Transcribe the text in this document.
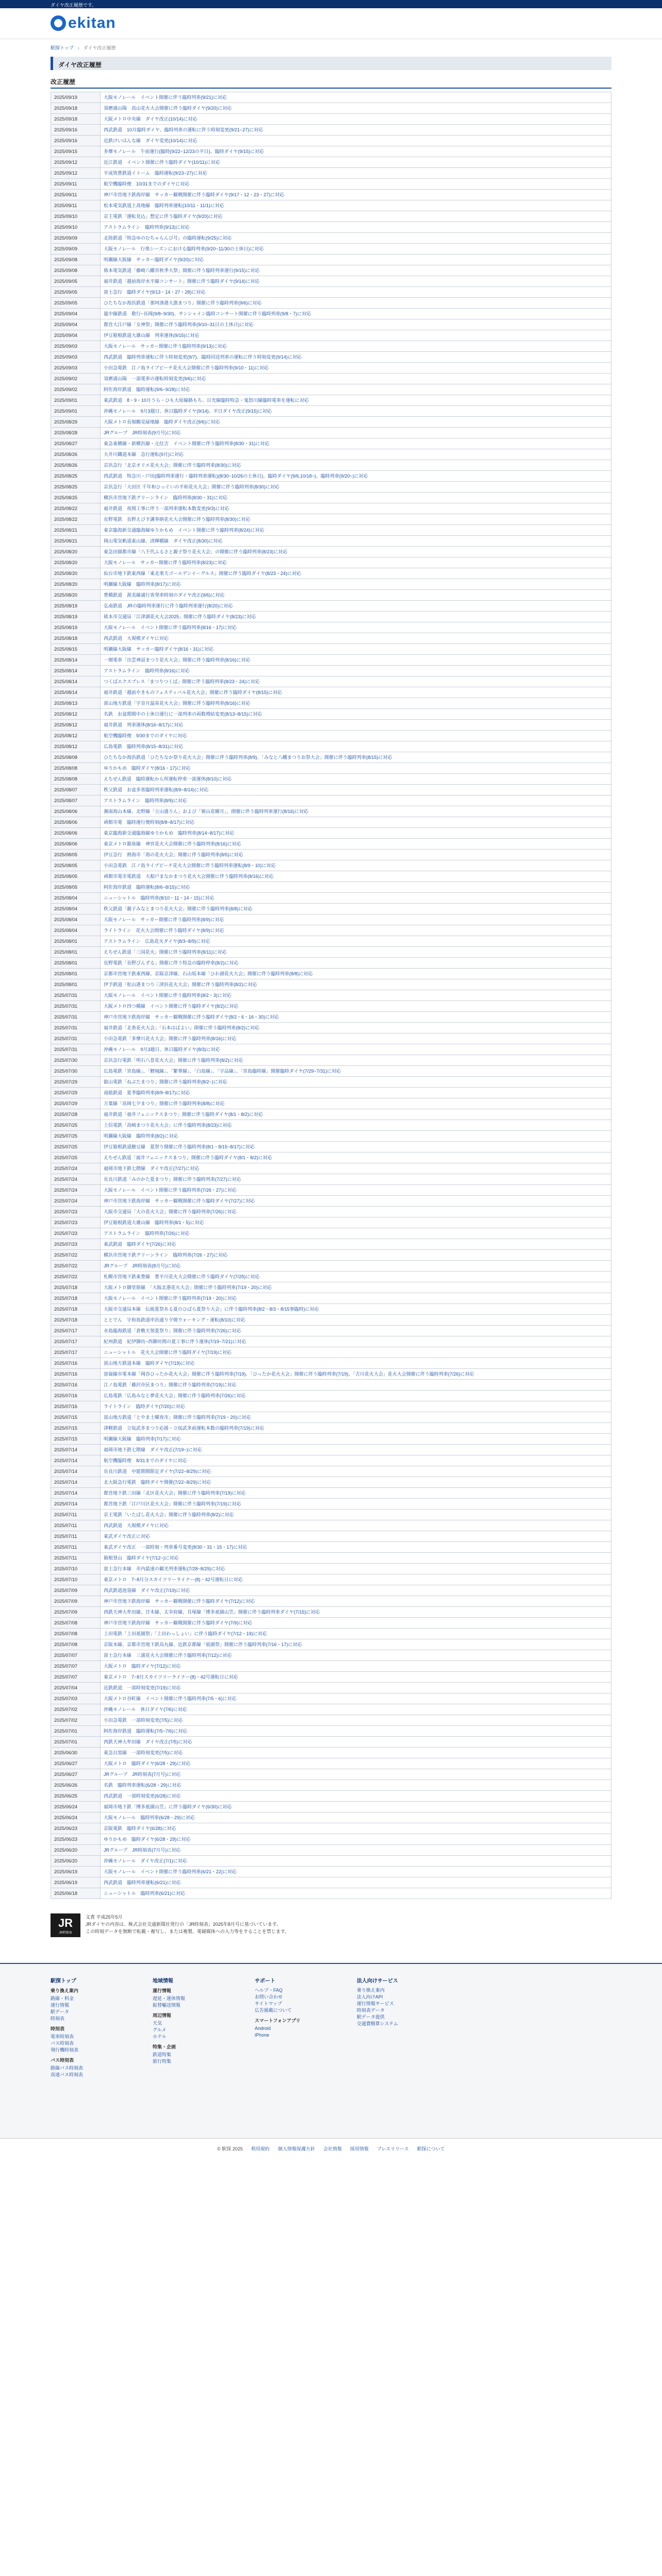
ダイヤ改正履歴です。
ekitan
駅探トップ › ダイヤ改正履歴
ダイヤ改正履歴
改正履歴
2025/09/19	大阪モノレール　イベント開催に伴う臨時列車(9/21)に対応
2025/09/18	須磨浦山陽　高山花火大会開催に伴う臨時ダイヤ(9/20)に対応
2025/09/18	大阪メトロ中央線　ダイヤ改正(10/14)に対応
2025/09/16	西武鉄道　10月臨時ダイヤ、臨時列車の運転に伴う時刻変更(9/21~27)に対応
2025/09/16	近鉄けいはんな線　ダイヤ変更(10/14)に対応
2025/09/15	多摩モノレール　午前運行(臨時(9/22~12/23の平日)、臨時ダイヤ(9/15)に対応
2025/09/12	近江鉄道　イベント開催に伴う臨時ダイヤ(10/11)に対応
2025/09/12	平成筑豊鉄道イトーム　臨時運転(9/23~27)に対応
2025/09/11	航空機臨時便　10/31までのダイヤに対応
2025/09/11	神戸市営地下鉄海岸線　サッカー観戦開催に伴う臨時ダイヤ(9/17・12・23・27)に対応
2025/09/11	松本電気鉄道上高地線　臨時列車運転(10/11・11/1)に対応
2025/09/10	京王電鉄「運転見込」想定に伴う臨時ダイヤ(9/20)に対応
2025/09/10	アストラムライン　臨時列車(9/13)に対応
2025/09/09	北陸鉄道「特急ゆのむちゃらんび号」の臨時運転(9/25)に対応
2025/09/09	大阪モノレール　行楽シーズンにおける臨時列車(9/20~11/30の土休日)に対応
2025/09/08	明瀬線大阪線　サッカー臨時ダイヤ(9/20)に対応
2025/09/08	熊本電気鉄道「藤崎八幡宮秋季大祭」開催に伴う臨時列車運行(9/15)に対応
2025/09/05	福井鉄道「越前海岸水平線コンサート」開催に伴う臨時ダイヤ(9/14)に対応
2025/09/05	富士急行　臨時ダイヤ(9/13・14・27・28)に対応
2025/09/05	ひたちなか海浜鉄道「那珂湊港大漁まつり」開催に伴う臨時列車(9/6)に対応
2025/09/04	嵐中線鉄道　歌行~長岡(9/8~9/30)、サンシャイン臨時コンサート開催に伴う臨時列車(9/8・7)に対応
2025/09/04	都営大江戸線「女神祭」開催に伴う臨時列車(9/10~31日の土休日)に対応
2025/09/04	伊豆箱根鉄道大雄山線　列車運休(9/15)に対応
2025/09/03	大阪モノレール　サッカー開催に伴う臨時列車(9/13)に対応
2025/09/03	西武鉄道　臨時列車運転に伴う時刻変更(9/7)、臨時回送列車の運転に伴う時刻変更(9/14)に対応
2025/09/03	小田急電鉄　江ノ島ライブビーチ花火大会開催に伴う臨時列車(9/10・11)に対応
2025/09/02	須磨浦山陽　一部電車の運転時刻変更(9/6)に対応
2025/09/02	阿佐海岸鉄道　臨時運転(9/6~9/28)に対応
2025/09/01	東武鉄道　8・9・10月うら・ひも大原線路もち、日光線臨時特急・鬼怒川線臨時電車を運転に対応
2025/09/01	沖縄モノレール　9月3週日、休日臨時ダイヤ(9/14)、平日ダイヤ改正(9/15)に対応
2025/08/29	大阪メトロ長堀鶴見緑地線　臨時ダイヤ改正(9/6)に対応
2025/08/28	JRグループ　JR時刻表(9月号)に対応
2025/08/27	東急東横線・新横浜線・元住吉　イベント開催に伴う臨時列車(8/30・31)に対応
2025/08/26	大井川鐵道本線　急行運転(9月)に対応
2025/08/26	京浜急行「北京オリエ花火大会」開催に伴う臨時列車(8/30)に対応
2025/08/25	西武鉄道　特急川・戸田(臨時列車運行・臨時列車運転)(8/30~10/26の土休日)、臨時ダイヤ(9/6,10/18~)、臨時列車(9/20~)に対応
2025/08/25	京浜急行「大田区 千年和ひっぐいの平和花火大会」開催に伴う臨時列車(8/30)に対応
2025/08/25	横浜市営地下鉄グリーンライン　臨時列車(8/30・31)に対応
2025/08/22	福井鉄道　夜間工事に伴う一部列車運転本数変更(9/3)に対応
2025/08/22	長野電鉄　長野えびす講奉納花火大会開催に伴う臨時列車(8/30)に対応
2025/08/21	東京臨海新交通臨海線ゆりかもめ　イベント開催に伴う臨時列車(8/24)に対応
2025/08/21	岡山電気軌道東山線、清輝橋線　ダイヤ改正(8/30)に対応
2025/08/20	東急田園都市線「八千代ふるさと親子祭り花火大会」の開催に伴う臨時列車(8/23)に対応
2025/08/20	大阪モノレール　サッカー開催に伴う臨時列車(8/23)に対応
2025/08/20	仙台市地下鉄東西線「東北楽天ゴールデンイーグルス」開催に伴う臨時ダイヤ(8/23・24)に対応
2025/08/20	明瀬線大阪線　臨時列車(8/17)に対応
2025/08/20	豊橋鉄道　渥美線通行客発車時刻のダイヤ改正(9/6)に対応
2025/08/19	弘南鉄道　JRの臨時列車運行に伴う臨時列車運行(8/20)に対応
2025/08/19	熊本市交通局「江津湖花火大会2025」開催に伴う臨時ダイヤ(8/23)に対応
2025/08/19	大阪モノレール　イベント開催に伴う臨時列車(8/16・17)に対応
2025/08/18	西武鉄道　大規模ダイヤに対応
2025/08/15	明瀬線大阪線　サッカー臨時ダイヤ(8/16・31)に対応
2025/08/14	一畑電車「出雲神話まつり花火大会」開催に伴う臨時列車(8/16)に対応
2025/08/14	アストラムライン　臨時列車(8/16)に対応
2025/08/14	つくばエクスプレス「まつりつくば」開催に伴う臨時列車(8/23・24)に対応
2025/08/14	福井鉄道「越前やきものフェスティバル花火大会」開催に伴う臨時ダイヤ(8/15)に対応
2025/08/13	富山地方鉄道「宇奈月温泉花火大会」開催に伴う臨時列車(8/16)に対応
2025/08/12	名鉄　お盆期間中の土休日運行に一部列車の両数増結変更(8/13~8/15)に対応
2025/08/12	福井鉄道　列車運休(8/16~8/17)に対応
2025/08/12	航空機臨時便　9/30までのダイヤに対応
2025/08/12	広島電鉄　臨時列車(8/15~8/31)に対応
2025/08/08	ひたちなか海浜鉄道「ひたちなか祭り花火大会」開催に伴う臨時列車(8/9)、「みなと八幡まつりお祭大会」開催に伴う臨時列車(8/15)に対応
2025/08/08	ゆりかもめ　臨時ダイヤ(8/16・17)に対応
2025/08/08	えちぜん鉄道　臨時運転から所運転停車一部運休(8/10)に対応
2025/08/07	秩父鉄道　お盆多客臨時列車運転(8/9~8/14)に対応
2025/08/07	アストラムライン　臨時列車(8/9)に対応
2025/08/06	湘南海山本線、北野線「立山盛りん」および「嶺山花曜月」、開催に伴う臨時列車運行(8/16)に対応
2025/08/06	函館市電　臨時運行便時刻(8/8~8/17)に対応
2025/08/06	東京臨海新交通臨海線ゆりかもめ　臨時列車(8/14~8/17)に対応
2025/08/06	東京メトロ銀座線　神宮花火大会開催に伴う臨時列車(8/16)に対応
2025/08/05	伊豆急行　熱海市「海の花火大会」開催に伴う臨時列車(8/5)に対応
2025/08/05	小田急電鉄　江ノ島ライブビーチ花火大会開催に伴う臨時列車運転(8/9・10)に対応
2025/08/05	函館市電市電鉄道　大船戸まなかまつり花火大会開催に伴う臨時列車(8/16)に対応
2025/08/05	阿佐海岸鉄道　臨時運転(8/6~8/15)に対応
2025/08/04	ニューシャトル　臨時列車(8/10・11・14・15)に対応
2025/08/04	秩父鉄道「親子みなとまつり花火大会」開催に伴う臨時列車(8/8)に対応
2025/08/04	大阪モノレール　サッカー開催に伴う臨時列車(8/9)に対応
2025/08/04	ライトライン　花火大会開催に伴う臨時ダイヤ(8/9)に対応
2025/08/01	アストラムライン　広島花火ダイヤ(8/3~8/9)に対応
2025/08/01	えちぜん鉄道「三国花火」開催に伴う臨時列車(8/11)に対応
2025/08/01	長野電鉄「長野びんずる」開催に伴う特急の臨時停車(8/2)に対応
2025/08/01	京都市営地下鉄東西線、京阪京津線、石山坂本線「ひわ湖花火大会」開催に伴う臨時列車(8/8)に対応
2025/08/01	伊予鉄道「松山港まつり三津浜花火大会」開催に伴う臨時列車(8/2)に対応
2025/07/31	大阪モノレール　イベント開催に伴う臨時列車(8/2・3)に対応
2025/07/31	大阪メトロ四つ橋線　イベント開催に伴う臨時ダイヤ(8/2)に対応
2025/07/31	神戸市営地下鉄海岸線　サッカー観戦開催に伴う臨時ダイヤ(8/2・6・16・30)に対応
2025/07/31	福井鉄道「北条花火大会」「石本はばよい」開催に伴う臨時列車(8/2)に対応
2025/07/31	小田急電鉄「多摩川花火大会」開催に伴う臨時列車(8/16)に対応
2025/07/31	沖縄モノレール　9月3週日、休日臨時ダイヤ(8/3)に対応
2025/07/30	京浜急行電鉄「明石八景花火大会」開催に伴う臨時列車(8/2)に対応
2025/07/30	広島電鉄「宮島線」、「鯉城線」、「繁華線」、「白島線」、「宇品線」、「宮島臨時線」開催臨時ダイヤ(7/29~7/31)に対応
2025/07/29	叡山電鉄「ねぶたまつり」開催に伴う臨時列車(8/2~)に対応
2025/07/29	南総鉄道　夏季臨時列車(8/9~8/17)に対応
2025/07/29	万葉線「高岡七夕まつり」開催に伴う臨時列車(8/8)に対応
2025/07/28	福井鉄道「福井フェニックスまつり」開催に伴う臨時ダイヤ(8/1・8/2)に対応
2025/07/25	上信電鉄「高崎まつり花火大会」に伴う臨時列車(8/23)に対応
2025/07/25	明瀬線大阪線　臨時列車(8/2)に対応
2025/07/25	伊豆箱根鉄道駿豆線　夏祭り開催に伴う臨時列車(8/1・8/15~8/17)に対応
2025/07/25	えちぜん鉄道「福井フェニックスまつり」開催に伴う臨時ダイヤ(8/1・8/2)に対応
2025/07/24	福岡市地下鉄七隈線　ダイヤ改正(7/27)に対応
2025/07/24	長良川鉄道「みのかた夏まつり」開催に伴う臨時列車(7/27)に対応
2025/07/24	大阪モノレール　イベント開催に伴う臨時列車(7/26・27)に対応
2025/07/24	神戸市営地下鉄海岸線　サッカー観戦開催に伴う臨時ダイヤ(7/27)に対応
2025/07/23	大阪市交通局「大の花火大会」開催に伴う臨時列車(7/26)に対応
2025/07/23	伊豆箱根鉄道大雄山線　臨時列車(8/1・5)に対応
2025/07/23	アストラムライン　臨時列車(7/26)に対応
2025/07/23	東武鉄道　臨時ダイヤ(7/26)に対応
2025/07/22	横浜市営地下鉄グリーンライン　臨時列車(7/26・27)に対応
2025/07/22	JRグループ　JR時刻表(8月号)に対応
2025/07/22	札幌市営地下鉄東豊線　豊平川花火大会開催に伴う臨時ダイヤ(7/25)に対応
2025/07/18	大阪メトロ御堂筋線　「大阪北港花火大会」開催に伴う臨時列車(7/19・20)に対応
2025/07/18	大阪モノレール　イベント開催に伴う臨時列車(7/19・20)に対応
2025/07/18	大阪市交通局本線　伝統夏祭ある夏のひばら夏祭り大会」に伴う臨時列車(8/2・8/3・8/15事臨時)に対応
2025/07/18	ととでん　宇和島鉄道申浜通り夕焼ウォーキング・運転(8/10)に対応
2025/07/17	水島臨海鉄道「倉敷天領夏祭り」開催に伴う臨時列車(7/26)に対応
2025/07/17	紀州鉄道　紀伊御坊~西御坊間の夏工事に伴う運休(7/19~7/21)に対応
2025/07/17	ニューシャトル　花火大会開催に伴う臨時ダイヤ(7/19)に対応
2025/07/16	富山地方鉄道本線　臨時ダイヤ(7/19)に対応
2025/07/16	富嶽線市電本線「岡谷ひったか花火大会」開催に伴う臨時列車(7/19)、「ひったか花火大会」開催に伴う臨時列車(7/19)、「吉川花火大会」花火大会開催に伴う臨時列車(7/26)に対応
2025/07/16	江ノ島電鉄「藤沢市民まつり」開催に伴う臨時列車(7/19)に対応
2025/07/16	広島電鉄「広島みなと夢花火大会」開催に伴う臨時列車(7/26)に対応
2025/07/16	ライトライン　臨時ダイヤ(7/20)に対応
2025/07/15	富山地方鉄道「とやま土曜夜市」開催に伴う臨時列車(7/19・20)に対応
2025/07/15	津軽鉄道　立佞武多まつり応援・立佞武多前運転本数の臨時列車(7/19)に対応
2025/07/15	明瀬線大阪線　臨時列車(7/17)に対応
2025/07/14	福岡市地下鉄七隈線　ダイヤ改正(7/19~)に対応
2025/07/14	航空機臨時便　8/31までのダイヤに対応
2025/07/14	長良川鉄道　中能期間限定ダイヤ(7/22~8/29)に対応
2025/07/14	北大阪急行電鉄　臨時ダイヤ開催(7/22~8/29)に対応
2025/07/14	都営地下鉄三田線「北区花火大会」開催に伴う臨時列車(7/19)に対応
2025/07/14	都営地下鉄「江戸川区花火大会」開催に伴う臨時列車(7/19)に対応
2025/07/11	京王電鉄「いたばし花火大会」開催に伴う臨時列車(8/2)に対応
2025/07/11	西武鉄道　大規模ダイヤに対応
2025/07/11	東武ダイヤ改正に対応
2025/07/11	東武ダイヤ改正　一部時刻・列車番号変更(8/30・31・15・17)に対応
2025/07/11	箱根登山　臨時ダイヤ(7/12~)に対応
2025/07/10	富士急行本線　市内最速の観光列車運転(7/28~8/29)に対応
2025/07/10	東京メトロ　7~8月分スカイツリーライナー(8)・42号運転日に対応
2025/07/09	西武鉄道池袋線　ダイヤ改正(7/19)に対応
2025/07/09	神戸市営地下鉄海岸線　サッカー観戦開催に伴う臨時ダイヤ(7/12)に対応
2025/07/09	西鉄天神大牟田線、甘木線、太宰府線、貝塚線「博多祇園山笠」開催に伴う臨時列車ダイヤ(7/15)に対応
2025/07/08	神戸市営地下鉄海岸線　サッカー観戦開催に伴う臨時ダイヤ(7/9)に対応
2025/07/08	上田電鉄「上田祇園祭」「上田わっしょい」に伴う臨時ダイヤ(7/12・19)に対応
2025/07/08	京阪本線、京都市営地下鉄烏丸線、近鉄京都線「祇園祭」開催に伴う臨時列車(7/16・17)に対応
2025/07/07	富士急行本線　三浦花火大会開催に伴う臨時列車(7/12)に対応
2025/07/07	大阪メトロ　臨時ダイヤ(7/12)に対応
2025/07/07	東京メトロ　7~8月スカイツリーライナー(8)・42号運転日に対応
2025/07/04	近鉄鉄道　一部時刻変更(7/19)に対応
2025/07/03	大阪メトロ谷町線　イベント開催に伴う臨時列車(7/5・6)に対応
2025/07/02	沖縄モノレール　休日ダイヤ(7/6)に対応
2025/07/02	小田急電鉄　一部時刻変更(7/5)に対応
2025/07/01	阿佐海岸鉄道　臨時運転(7/5~7/6)に対応
2025/07/01	西鉄天神大牟田線　ダイヤ改正(7/5)に対応
2025/06/30	東急目黒線　一部時刻変更(7/5)に対応
2025/06/27	大阪メトロ　臨時ダイヤ(6/28・29)に対応
2025/06/27	JRグループ　JR時刻表(7月号)に対応
2025/06/26	名鉄　臨時列車運転(6/28・29)に対応
2025/06/25	西武鉄道　一部時刻変更(6/28)に対応
2025/06/24	福岡市地下鉄「博多祇園山笠」に伴う臨時ダイヤ(6/30)に対応
2025/06/24	大阪モノレール　臨時列車(6/28・29)に対応
2025/06/23	京阪電鉄　臨時ダイヤ(6/28)に対応
2025/06/23	ゆりかもめ　臨時ダイヤ(6/28・29)に対応
2025/06/20	JRグループ　JR時刻表(7月号)に対応
2025/06/20	沖縄モノレール　ダイヤ改正(7/1)に対応
2025/06/19	大阪モノレール　イベント開催に伴う臨時列車(6/21・22)に対応
2025/06/19	西武鉄道　臨時列車運転(6/21)に対応
2025/06/18	ニューシャトル　臨時列車(6/21)に対応
JR
JR時刻表
文責 平成25年5月
JRダイヤの内容は、株式会社交通新聞社発行の「JR時刻表」2025年8月号に基づいています。
この時刻データを無断で転載・複写し、または複製、電磁媒体への入力等をすることを禁じます。
駅探トップ
乗り換え案内
路線・料金
運行情報
駅データ
時刻表
時刻表
電車時刻表
バス時刻表
飛行機時刻表
バス時刻表
路線バス時刻表
高速バス時刻表
地域情報
運行情報
遅延・運休情報
振替輸送情報
周辺情報
天気
グルメ
ホテル
特集・企画
鉄道特集
旅行特集
サポート
ヘルプ・FAQ
お問い合わせ
サイトマップ
広告掲載について
スマートフォンアプリ
Android
iPhone
法人向けサービス
乗り換え案内
法人向けAPI
運行情報サービス
時刻表データ
駅データ提供
交通費精算システム
© 駅探 2025 利用規約 個人情報保護方針 会社情報 採用情報 プレスリリース 駅探について
